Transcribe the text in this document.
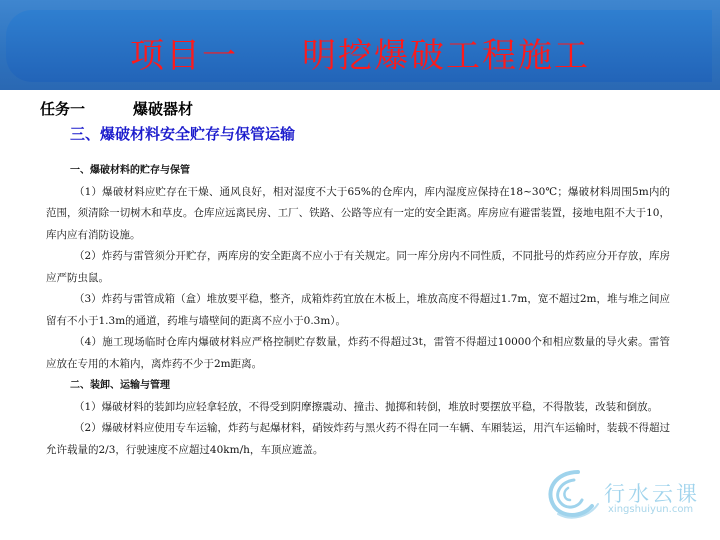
项目一     明挖爆破工程施工
任务一	爆破器材
三、爆破材料安全贮存与保管运输

一、爆破材料的贮存与保管

（1）爆破材料应贮存在干燥、通风良好，相对湿度不大于65%的仓库内，库内湿度应保持在18~30℃；爆破材料周围5m内的范围，须清除一切树木和草皮。仓库应远离民房、工厂、铁路、公路等应有一定的安全距离。库房应有避雷装置，接地电阻不大于10，库内应有消防设施。

（2）炸药与雷管须分开贮存，两库房的安全距离不应小于有关规定。同一库分房内不同性质，不同批号的炸药应分开存放，库房应严防虫鼠。

（3）炸药与雷管成箱（盒）堆放要平稳，整齐，成箱炸药宜放在木板上，堆放高度不得超过1.7m，宽不超过2m，堆与堆之间应留有不小于1.3m的通道，药堆与墙壁间的距离不应小于0.3m）。

（4）施工现场临时仓库内爆破材料应严格控制贮存数量，炸药不得超过3t，雷管不得超过10000个和相应数量的导火索。雷管应放在专用的木箱内，离炸药不少于2m距离。

二、装卸、运输与管理

（1）爆破材料的装卸均应轻拿轻放，不得受到阴摩擦震动、撞击、抛掷和转倒，堆放时要摆放平稳，不得散装，改装和倒放。

（2）爆破材料应使用专车运输，炸药与起爆材料，硝铵炸药与黑火药不得在同一车辆、车厢装运，用汽车运输时，装载不得超过允许载量的2/3，行驶速度不应超过40km/h，车顶应遮盖。

行水云课
xingshuiyun.com
